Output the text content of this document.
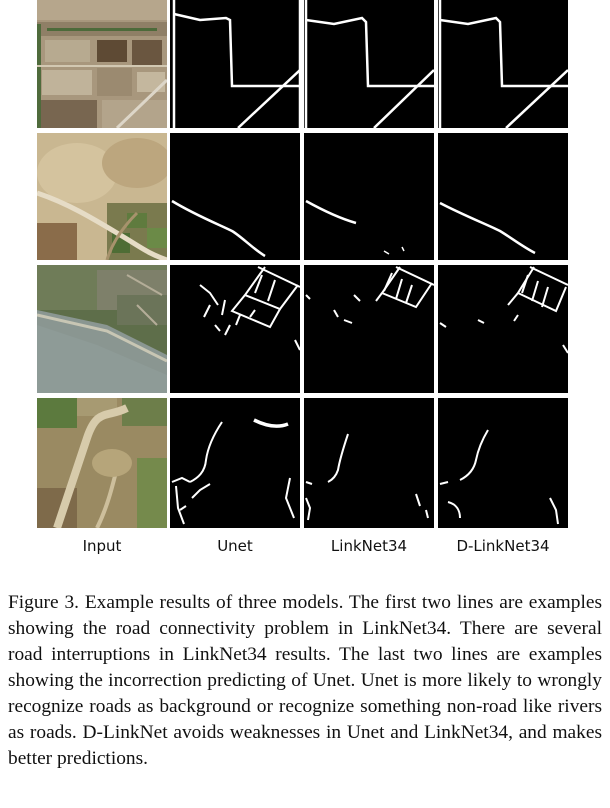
Input	Unet	LinkNet34	D-LinkNet34

Figure 3. Example results of three models. The first two lines are examples showing the road connectivity problem in LinkNet34. There are several road interruptions in LinkNet34 results. The last two lines are examples showing the incorrection predicting of Unet. Unet is more likely to wrongly recognize roads as background or recognize something non-road like rivers as roads. D-LinkNet avoids weaknesses in Unet and LinkNet34, and makes better predictions.
